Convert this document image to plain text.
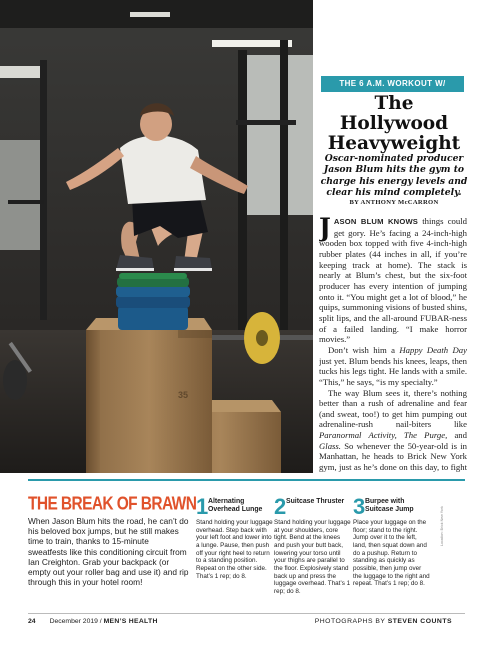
35
THE 6 A.M. WORKOUT W/
The Hollywood Heavyweight

Oscar-nominated producer Jason Blum hits the gym to charge his energy levels and clear his mind completely.

BY ANTHONY McCARRON

JASON BLUM KNOWS things could get gory. He’s facing a 24-inch-high wooden box topped with five 4-inch-high rubber plates (44 inches in all, if you’re keeping track at home). The stack is nearly at Blum’s chest, but the six-foot producer has every intention of jumping onto it. “You might get a lot of blood,” he quips, summoning visions of busted shins, split lips, and the all-around FUBAR-ness of a failed landing. “I make horror movies.”

Don’t wish him a Happy Death Day just yet. Blum bends his knees, leaps, then tucks his legs tight. He lands with a smile. “This,” he says, “is my specialty.”

The way Blum sees it, there’s nothing better than a rush of adrenaline and fear (and sweat, too!) to get him pumping out adrenaline-rush nail-biters like Paranormal Activity, The Purge, and Glass. So whenever the 50-year-old is in Manhattan, he heads to Brick New York gym, just as he’s done on this day, to fight

THE BREAK OF BRAWN

When Jason Blum hits the road, he can’t do his beloved box jumps, but he still makes time to train, thanks to 15-minute sweatfests like this conditioning circuit from Ian Creighton. Grab your backpack (or empty out your roller bag and use it) and rip through this in your hotel room!

1 Alternating Overhead Lunge

Stand holding your luggage overhead. Step back with your left foot and lower into a lunge. Pause, then push off your right heel to return to a standing position. Repeat on the other side. That’s 1 rep; do 8.

2 Suitcase Thruster

Stand holding your luggage at your shoulders, core tight. Bend at the knees and push your butt back, lowering your torso until your thighs are parallel to the floor. Explosively stand back up and press the luggage overhead. That’s 1 rep; do 8.

3 Burpee with Suitcase Jump

Place your luggage on the floor; stand to the right. Jump over it to the left, land, then squat down and do a pushup. Return to standing as quickly as possible, then jump over the luggage to the right and repeat. That’s 1 rep; do 8.

Location: Brick New York
24 December 2019 / MEN’S HEALTH	PHOTOGRAPHS BY STEVEN COUNTS
